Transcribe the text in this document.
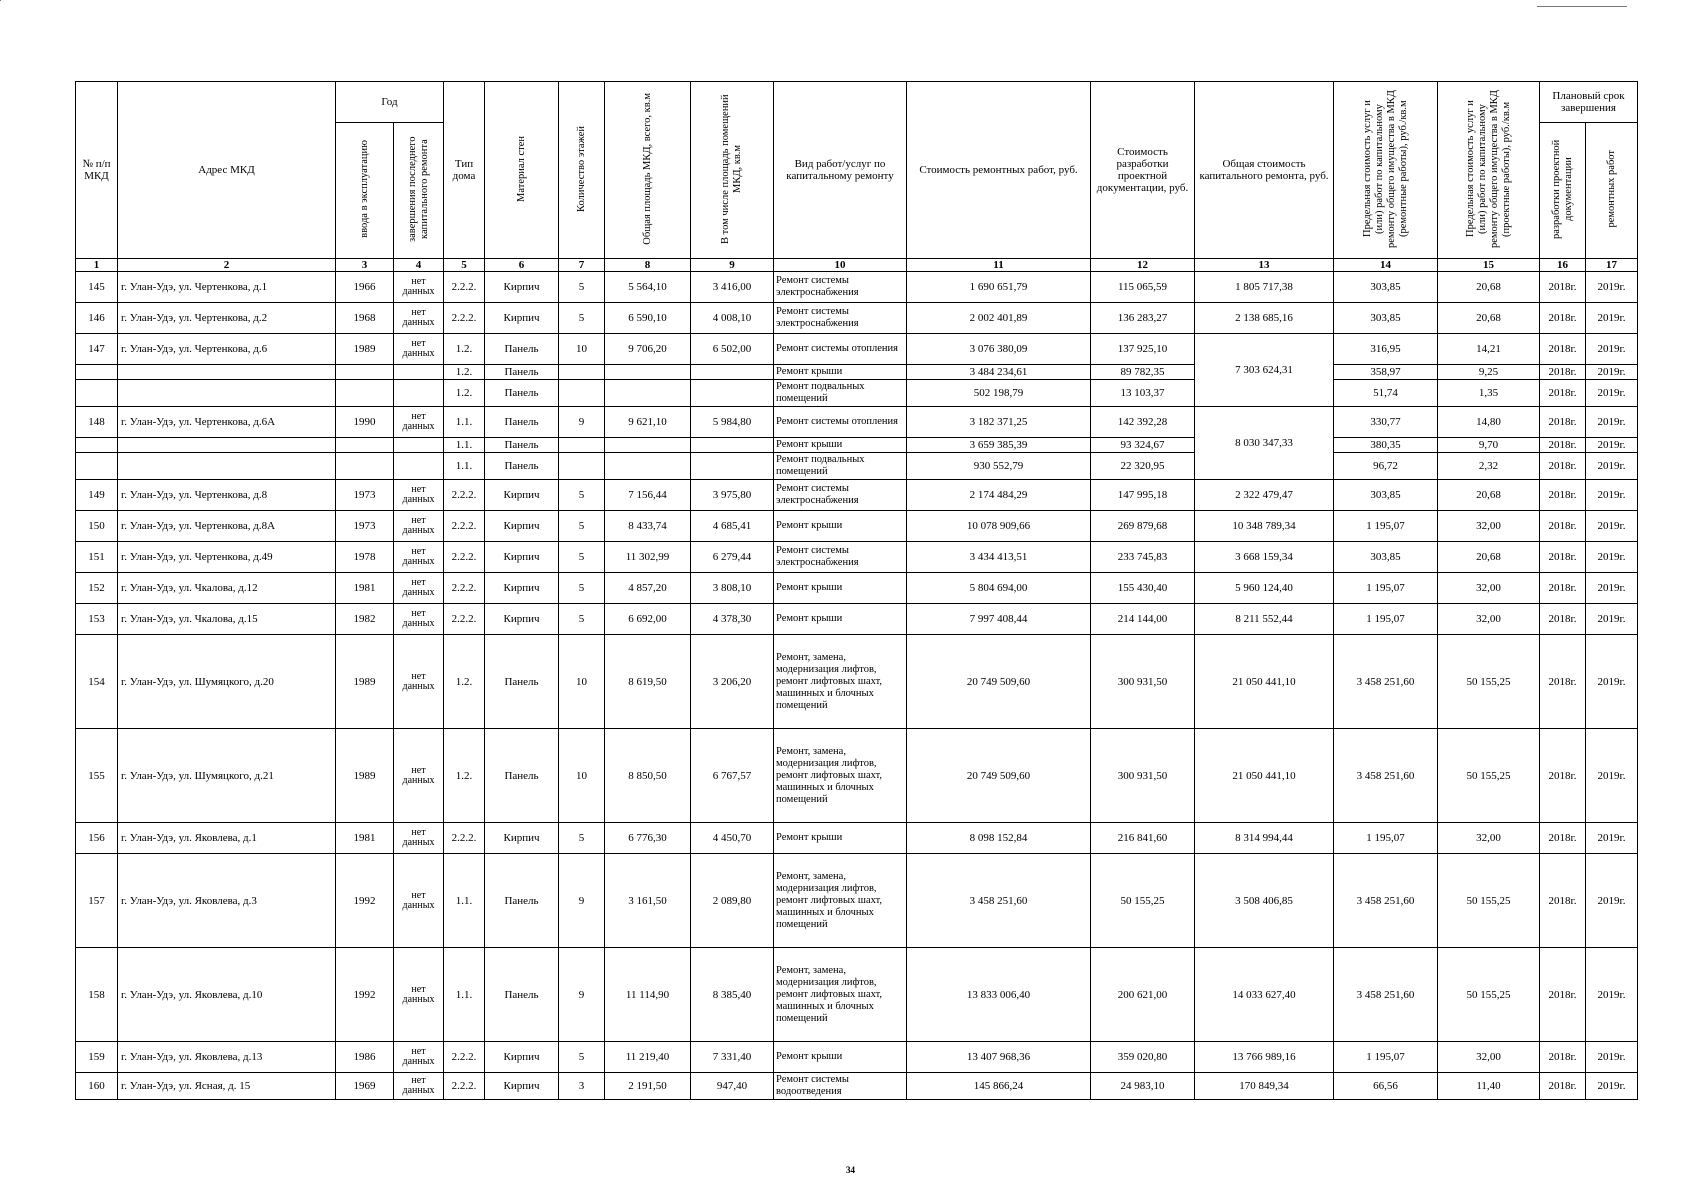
№ п/п МКД	Адрес МКД	Год		Тип дома	Материал стен	Количество этажей	Общая площадь МКД, всего, кв.м	В том числе площадь помещений МКД, кв.м	Вид работ/услуг по капитальному ремонту	Стоимость ремонтных работ, руб.	Стоимость разработки проектной документации, руб.	Общая стоимость капитального ремонта, руб.	Предельная стоимость услуг и (или) работ по капитальному ремонту общего имущества в МКД (ремонтные работы), руб./кв.м	Предельная стоимость услуг и (или) работ по капитальному ремонту общего имущества в МКД (проектные работы), руб./кв.м	Плановый срок завершения	
		ввода в эксплуатацию	завершения последнего капитального ремонта												разработки проектной документации	ремонтных работ
1	2	3	4	5	6	7	8	9	10	11	12	13	14	15	16	17
145	г. Улан-Удэ, ул. Чертенкова, д.1	1966	нет данных	2.2.2.	Кирпич	5	5 564,10	3 416,00	Ремонт системы электроснабжения	1 690 651,79	115 065,59	1 805 717,38	303,85	20,68	2018г.	2019г.
146	г. Улан-Удэ, ул. Чертенкова, д.2	1968	нет данных	2.2.2.	Кирпич	5	6 590,10	4 008,10	Ремонт системы электроснабжения	2 002 401,89	136 283,27	2 138 685,16	303,85	20,68	2018г.	2019г.
147	г. Улан-Удэ, ул. Чертенкова, д.6	1989	нет данных	1.2.	Панель	10	9 706,20	6 502,00	Ремонт системы отопления	3 076 380,09	137 925,10	7 303 624,31	316,95	14,21	2018г.	2019г.
				1.2.	Панель				Ремонт крыши	3 484 234,61	89 782,35		358,97	9,25	2018г.	2019г.
				1.2.	Панель				Ремонт подвальных помещений	502 198,79	13 103,37		51,74	1,35	2018г.	2019г.
148	г. Улан-Удэ, ул. Чертенкова, д.6А	1990	нет данных	1.1.	Панель	9	9 621,10	5 984,80	Ремонт системы отопления	3 182 371,25	142 392,28	8 030 347,33	330,77	14,80	2018г.	2019г.
				1.1.	Панель				Ремонт крыши	3 659 385,39	93 324,67		380,35	9,70	2018г.	2019г.
				1.1.	Панель				Ремонт подвальных помещений	930 552,79	22 320,95		96,72	2,32	2018г.	2019г.
149	г. Улан-Удэ, ул. Чертенкова, д.8	1973	нет данных	2.2.2.	Кирпич	5	7 156,44	3 975,80	Ремонт системы электроснабжения	2 174 484,29	147 995,18	2 322 479,47	303,85	20,68	2018г.	2019г.
150	г. Улан-Удэ, ул. Чертенкова, д.8А	1973	нет данных	2.2.2.	Кирпич	5	8 433,74	4 685,41	Ремонт крыши	10 078 909,66	269 879,68	10 348 789,34	1 195,07	32,00	2018г.	2019г.
151	г. Улан-Удэ, ул. Чертенкова, д.49	1978	нет данных	2.2.2.	Кирпич	5	11 302,99	6 279,44	Ремонт системы электроснабжения	3 434 413,51	233 745,83	3 668 159,34	303,85	20,68	2018г.	2019г.
152	г. Улан-Удэ, ул. Чкалова, д.12	1981	нет данных	2.2.2.	Кирпич	5	4 857,20	3 808,10	Ремонт крыши	5 804 694,00	155 430,40	5 960 124,40	1 195,07	32,00	2018г.	2019г.
153	г. Улан-Удэ, ул. Чкалова, д.15	1982	нет данных	2.2.2.	Кирпич	5	6 692,00	4 378,30	Ремонт крыши	7 997 408,44	214 144,00	8 211 552,44	1 195,07	32,00	2018г.	2019г.
154	г. Улан-Удэ, ул. Шумяцкого, д.20	1989	нет данных	1.2.	Панель	10	8 619,50	3 206,20	Ремонт, замена, модернизация лифтов, ремонт лифтовых шахт, машинных и блочных помещений	20 749 509,60	300 931,50	21 050 441,10	3 458 251,60	50 155,25	2018г.	2019г.
155	г. Улан-Удэ, ул. Шумяцкого, д.21	1989	нет данных	1.2.	Панель	10	8 850,50	6 767,57	Ремонт, замена, модернизация лифтов, ремонт лифтовых шахт, машинных и блочных помещений	20 749 509,60	300 931,50	21 050 441,10	3 458 251,60	50 155,25	2018г.	2019г.
156	г. Улан-Удэ, ул. Яковлева, д.1	1981	нет данных	2.2.2.	Кирпич	5	6 776,30	4 450,70	Ремонт крыши	8 098 152,84	216 841,60	8 314 994,44	1 195,07	32,00	2018г.	2019г.
157	г. Улан-Удэ, ул. Яковлева, д.3	1992	нет данных	1.1.	Панель	9	3 161,50	2 089,80	Ремонт, замена, модернизация лифтов, ремонт лифтовых шахт, машинных и блочных помещений	3 458 251,60	50 155,25	3 508 406,85	3 458 251,60	50 155,25	2018г.	2019г.
158	г. Улан-Удэ, ул. Яковлева, д.10	1992	нет данных	1.1.	Панель	9	11 114,90	8 385,40	Ремонт, замена, модернизация лифтов, ремонт лифтовых шахт, машинных и блочных помещений	13 833 006,40	200 621,00	14 033 627,40	3 458 251,60	50 155,25	2018г.	2019г.
159	г. Улан-Удэ, ул. Яковлева, д.13	1986	нет данных	2.2.2.	Кирпич	5	11 219,40	7 331,40	Ремонт крыши	13 407 968,36	359 020,80	13 766 989,16	1 195,07	32,00	2018г.	2019г.
160	г. Улан-Удэ, ул. Ясная, д. 15	1969	нет данных	2.2.2.	Кирпич	3	2 191,50	947,40	Ремонт системы водоотведения	145 866,24	24 983,10	170 849,34	66,56	11,40	2018г.	2019г.
34
